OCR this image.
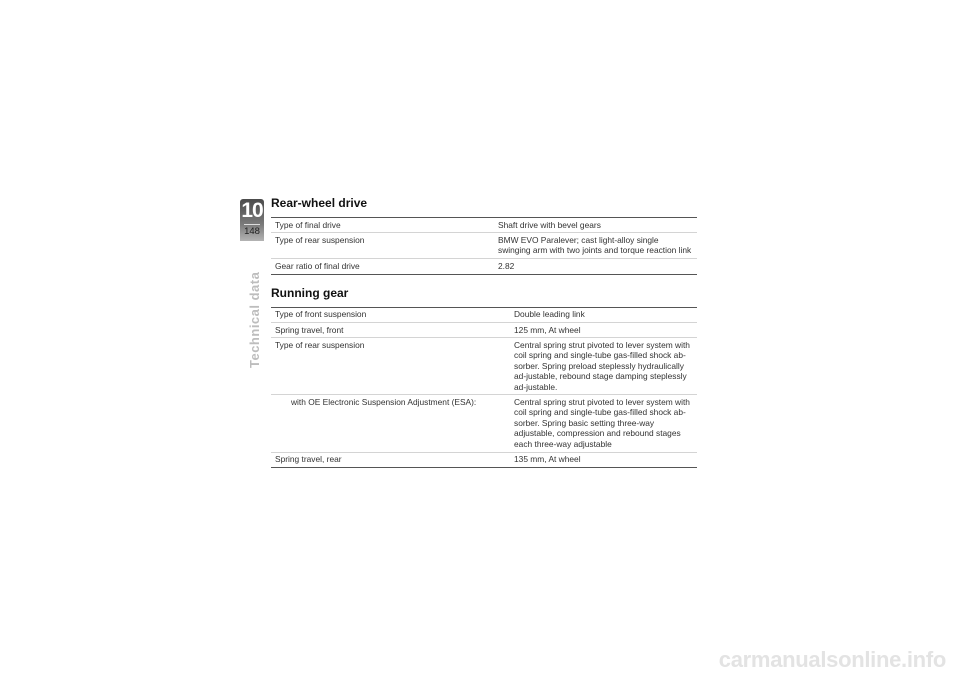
10
148
Technical data
Rear-wheel drive
Type of final drive	Shaft drive with bevel gears
Type of rear suspension	BMW EVO Paralever; cast light-alloy single swinging arm with two joints and torque reaction link
Gear ratio of final drive	2.82
Running gear
Type of front suspension	Double leading link
Spring travel, front	125 mm, At wheel
Type of rear suspension	Central spring strut pivoted to lever system with coil spring and single-tube gas-filled shock ab-sorber. Spring preload steplessly hydraulically ad-justable, rebound stage damping steplessly ad-justable.
with OE Electronic Suspension Adjustment (ESA):	Central spring strut pivoted to lever system with coil spring and single-tube gas-filled shock ab-sorber. Spring basic setting three-way adjustable, compression and rebound stages each three-way adjustable
Spring travel, rear	135 mm, At wheel
carmanualsonline.info
